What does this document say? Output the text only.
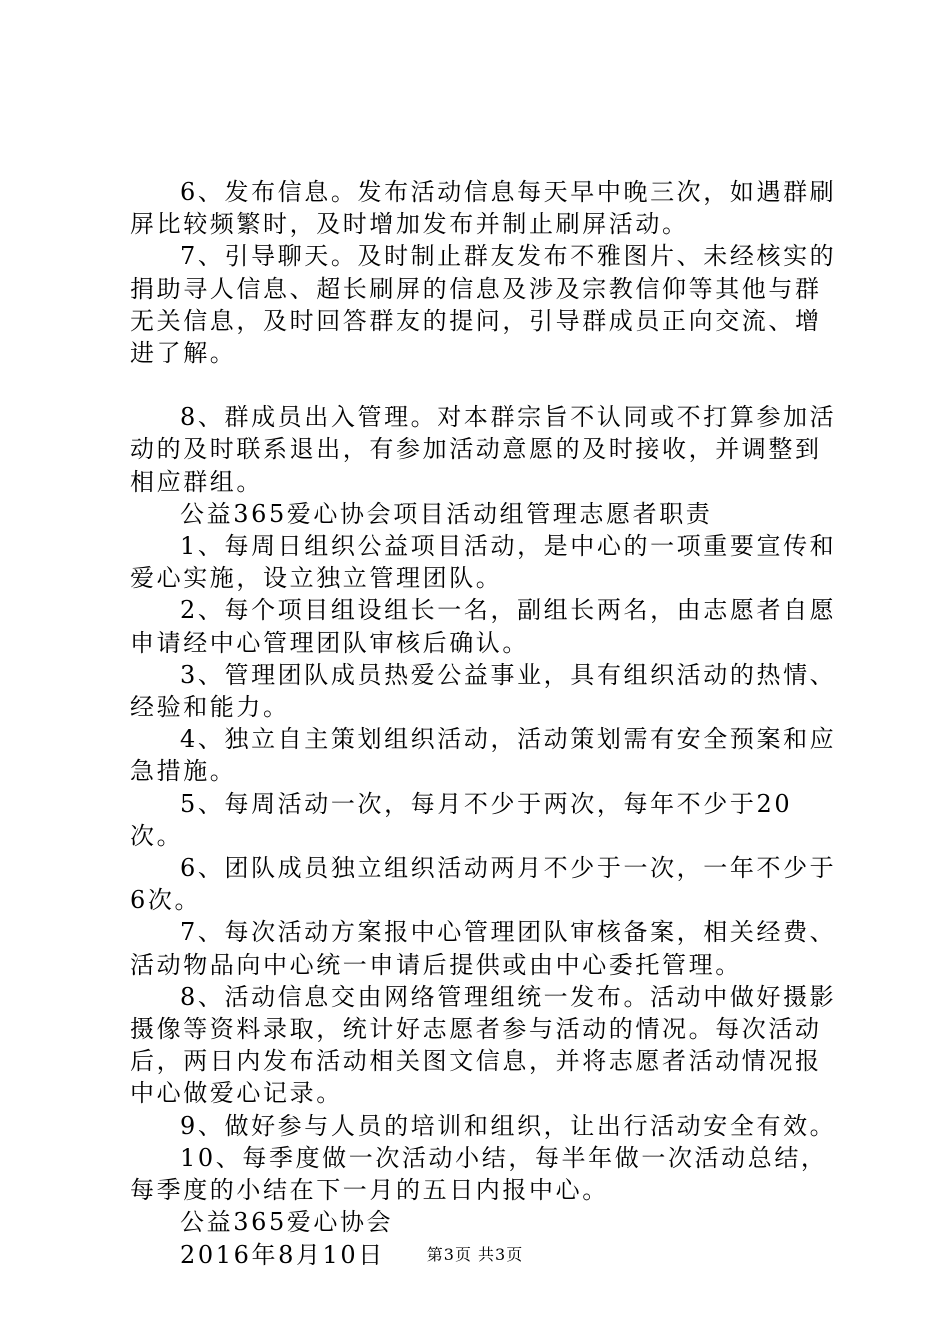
6、发布信息。发布活动信息每天早中晚三次，如遇群刷屏比较频繁时，及时增加发布并制止刷屏活动。

7、引导聊天。及时制止群友发布不雅图片、未经核实的捐助寻人信息、超长刷屏的信息及涉及宗教信仰等其他与群无关信息，及时回答群友的提问，引导群成员正向交流、增进了解。

8、群成员出入管理。对本群宗旨不认同或不打算参加活动的及时联系退出，有参加活动意愿的及时接收，并调整到相应群组。

公益365爱心协会项目活动组管理志愿者职责

1、每周日组织公益项目活动，是中心的一项重要宣传和爱心实施，设立独立管理团队。

2、每个项目组设组长一名，副组长两名，由志愿者自愿申请经中心管理团队审核后确认。

3、管理团队成员热爱公益事业，具有组织活动的热情、经验和能力。

4、独立自主策划组织活动，活动策划需有安全预案和应急措施。

5、每周活动一次，每月不少于两次，每年不少于20次。

6、团队成员独立组织活动两月不少于一次，一年不少于6次。

7、每次活动方案报中心管理团队审核备案，相关经费、活动物品向中心统一申请后提供或由中心委托管理。

8、活动信息交由网络管理组统一发布。活动中做好摄影摄像等资料录取，统计好志愿者参与活动的情况。每次活动后，两日内发布活动相关图文信息，并将志愿者活动情况报中心做爱心记录。

9、做好参与人员的培训和组织，让出行活动安全有效。

10、每季度做一次活动小结，每半年做一次活动总结，每季度的小结在下一月的五日内报中心。

公益365爱心协会

2016年8月10日	第3页 共3页
